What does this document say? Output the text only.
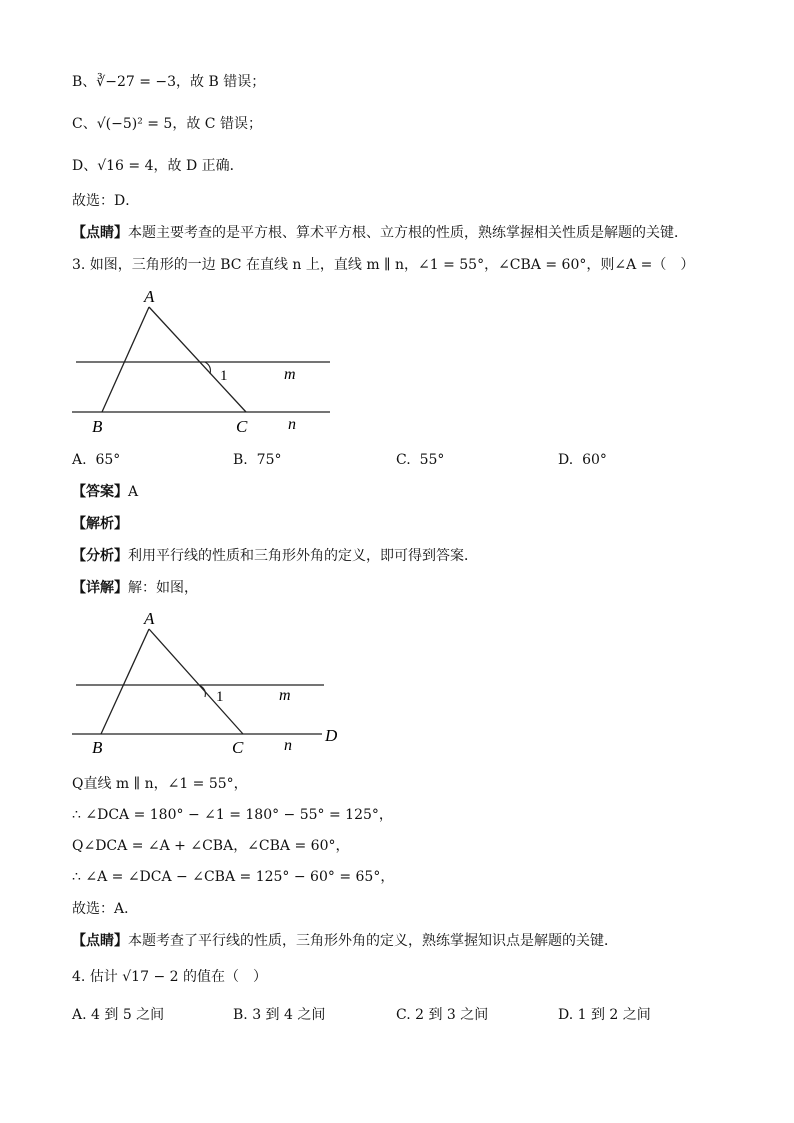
B、∛−27 = −3，故 B 错误；
C、√(−5)² = 5，故 C 错误；
D、√16 = 4，故 D 正确．
故选：D．
【点睛】本题主要考查的是平方根、算术平方根、立方根的性质，熟练掌握相关性质是解题的关键．
3. 如图，三角形的一边 BC 在直线 n 上，直线 m ∥ n，∠1 = 55°，∠CBA = 60°，则∠A =（　）
A
B	C
1	m
n
A. 65°	B. 75°	C. 55°	D. 60°
【答案】A
【解析】
【分析】利用平行线的性质和三角形外角的定义，即可得到答案．
【详解】解：如图，
A
B	C
D
1	m
n
Q直线 m ∥ n，∠1 = 55°，
∴ ∠DCA = 180° − ∠1 = 180° − 55° = 125°，
Q∠DCA = ∠A + ∠CBA，∠CBA = 60°，
∴ ∠A = ∠DCA − ∠CBA = 125° − 60° = 65°，
故选：A．
【点睛】本题考查了平行线的性质，三角形外角的定义，熟练掌握知识点是解题的关键．
4. 估计 √17 − 2 的值在（　）
A. 4 到 5 之间	B. 3 到 4 之间	C. 2 到 3 之间	D. 1 到 2 之间
